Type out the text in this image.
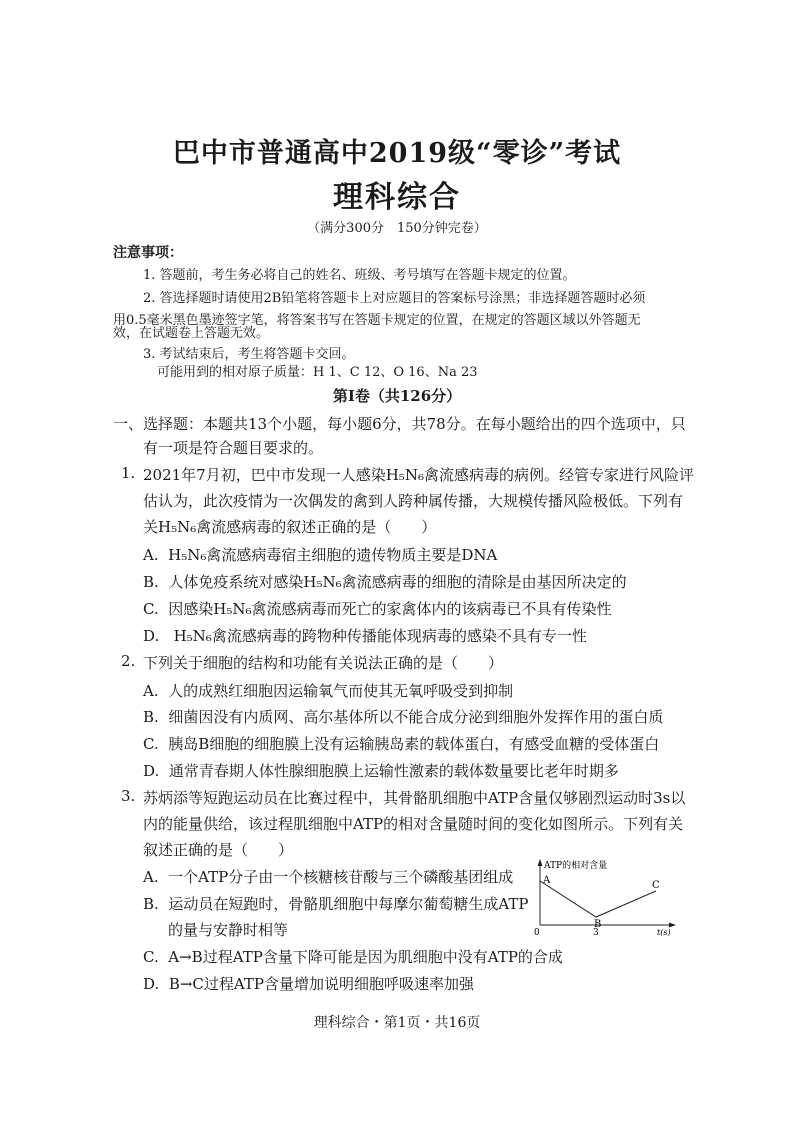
巴中市普通高中2019级“零诊”考试
理科综合
（满分300分　150分钟完卷）
注意事项：
1. 答题前，考生务必将自己的姓名、班级、考号填写在答题卡规定的位置。
2. 答选择题时请使用2B铅笔将答题卡上对应题目的答案标号涂黑；非选择题答题时必须
用0.5毫米黑色墨迹签字笔，将答案书写在答题卡规定的位置，在规定的答题区域以外答题无
效，在试题卷上答题无效。
3. 考试结束后，考生将答题卡交回。
可能用到的相对原子质量：H 1、C 12、O 16、Na 23
第Ⅰ卷（共126分）
一、选择题：本题共13个小题，每小题6分，共78分。在每小题给出的四个选项中，只
有一项是符合题目要求的。
1. 2021年7月初，巴中市发现一人感染H₅N₆禽流感病毒的病例。经管专家进行风险评
估认为，此次疫情为一次偶发的禽到人跨种属传播，大规模传播风险极低。下列有
关H₅N₆禽流感病毒的叙述正确的是（　　）
A. H₅N₆禽流感病毒宿主细胞的遗传物质主要是DNA
B. 人体免疫系统对感染H₅N₆禽流感病毒的细胞的清除是由基因所决定的
C. 因感染H₅N₆禽流感病毒而死亡的家禽体内的该病毒已不具有传染性
D. H₅N₆禽流感病毒的跨物种传播能体现病毒的感染不具有专一性
2. 下列关于细胞的结构和功能有关说法正确的是（　　）
A. 人的成熟红细胞因运输氧气而使其无氧呼吸受到抑制
B. 细菌因没有内质网、高尔基体所以不能合成分泌到细胞外发挥作用的蛋白质
C. 胰岛B细胞的细胞膜上没有运输胰岛素的载体蛋白，有感受血糖的受体蛋白
D. 通常青春期人体性腺细胞膜上运输性激素的载体数量要比老年时期多
3. 苏炳添等短跑运动员在比赛过程中，其骨骼肌细胞中ATP含量仅够剧烈运动时3s以
内的能量供给，该过程肌细胞中ATP的相对含量随时间的变化如图所示。下列有关
叙述正确的是（　　）
A. 一个ATP分子由一个核糖核苷酸与三个磷酸基团组成
B. 运动员在短跑时，骨骼肌细胞中每摩尔葡萄糖生成ATP
的量与安静时相等
C. A→B过程ATP含量下降可能是因为肌细胞中没有ATP的合成
D. B→C过程ATP含量增加说明细胞呼吸速率加强
ATP的相对含量
A
B
C
0	3	t(s)
理科综合・第1页・共16页
